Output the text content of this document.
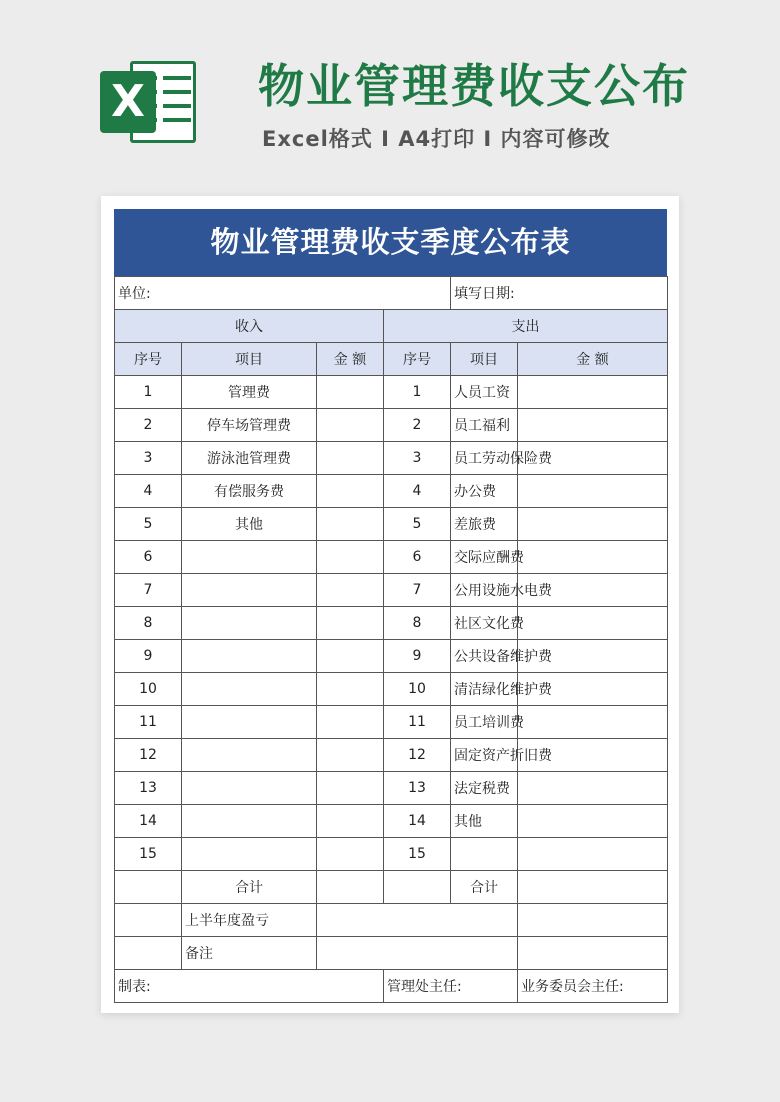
X 物业管理费收支公布
Excel格式 I A4打印 I 内容可修改
物业管理费收支季度公布表
单位:				填写日期:	
收入			支出		
序号	项目	金 额	序号	项目	金 额
1	管理费		1	人员工资	
2	停车场管理费		2	员工福利	
3	游泳池管理费		3	员工劳动保险费	
4	有偿服务费		4	办公费	
5	其他		5	差旅费	
6			6	交际应酬费	
7			7	公用设施水电费	
8			8	社区文化费	
9			9	公共设备维护费	
10			10	清洁绿化维护费	
11			11	员工培训费	
12			12	固定资产折旧费	
13			13	法定税费	
14			14	其他	
15			15		
	合计			合计	
	上半年度盈亏				
	备注				
制表:			管理处主任:		业务委员会主任:
